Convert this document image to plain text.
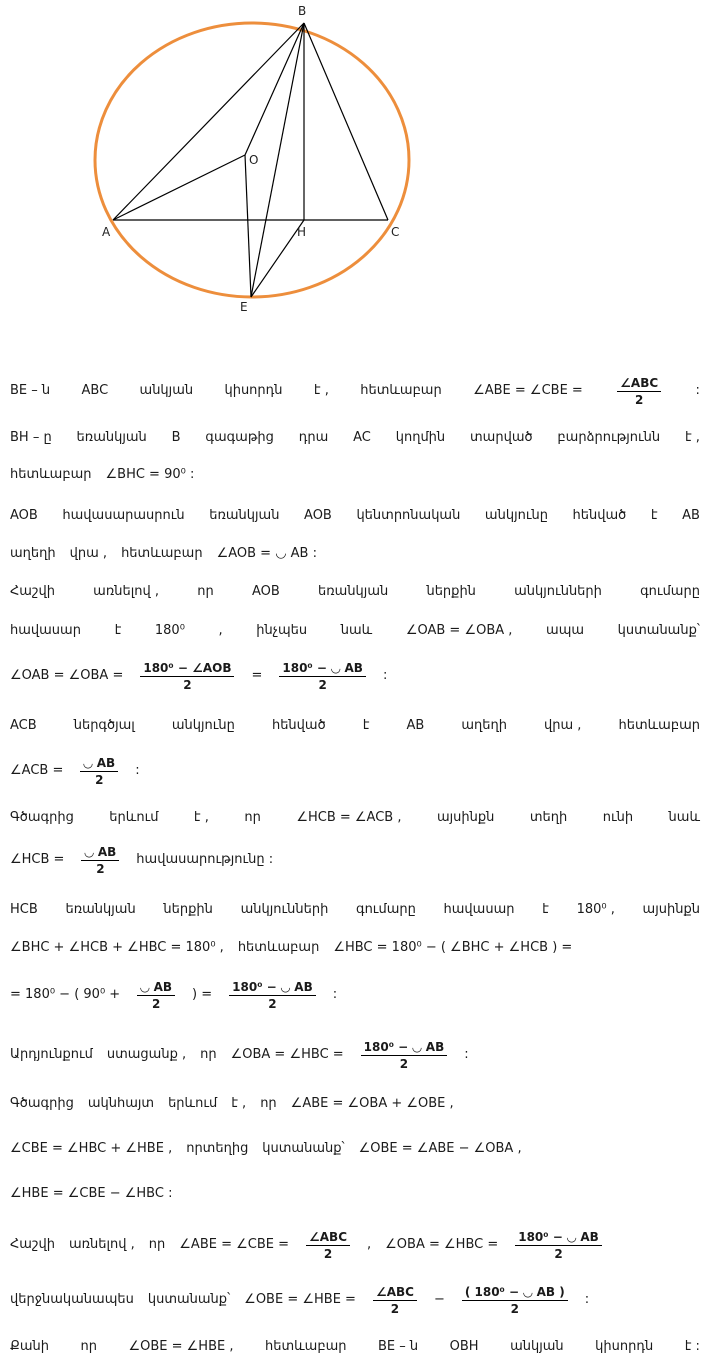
B
O
A	H	C
E
BE – ն ABC անկյան կիսորդն է , հետևաբար ∠ABE = ∠CBE =	$\frac{\text{∠ABC}}{2}$	:
BH – ը եռանկյան B գագաթից դրա AC կողմին տարված բարձրությունն է ,
հետևաբար ∠BHC = 90⁰ :
AOB հավասարասրուն եռանկյան AOB կենտրոնական անկյունը հենված է AB
աղեղի վրա , հետևաբար ∠AOB = ◡ AB :
Հաշվի	առնելով ,	որ	AOB	եռանկյան	ներքին	անկյունների	գումարը
հավասար	է	180⁰	,	ինչպես	նաև	∠OAB = ∠OBA ,	ապա	կստանանք՝
∠OAB = ∠OBA = $\frac{\text{180⁰ − ∠AOB}}{2} = \frac{\text{180⁰ − ◡ AB}}{2}$ :
ACB	ներգծյալ	անկյունը	հենված	է	AB	աղեղի	վրա ,	հետևաբար
∠ACB = $\frac{◡ AB}{2}$ :
Գծագրից	երևում	է ,	որ	∠HCB = ∠ACB ,	այսինքն	տեղի	ունի	նաև
∠HCB = $\frac{◡ AB}{2}$ հավասարությունը :
HCB եռանկյան ներքին անկյունների գումարը հավասար է 180⁰ , այսինքն
∠BHC + ∠HCB + ∠HBC = 180⁰ , հետևաբար ∠HBC = 180⁰ − ( ∠BHC + ∠HCB ) =
= 180⁰ − ( $90^0 + \frac{◡ AB}{2}$ ) = $\frac{\text{180⁰ − ◡ AB}}{2}$ :
Արդյունքում ստացանք , որ ∠OBA = ∠HBC = $\frac{\text{180⁰ − ◡ AB}}{2}$ :
Գծագրից ակնհայտ երևում է , որ ∠ABE = ∠OBA + ∠OBE ,
∠CBE = ∠HBC + ∠HBE , որտեղից կստանանք՝ ∠OBE = ∠ABE − ∠OBA ,
∠HBE = ∠CBE − ∠HBC :
Հաշվի առնելով , որ ∠ABE = ∠CBE = $\frac{\text{∠ABC}}{2}$ , ∠OBA = ∠HBC = $\frac{\text{180⁰ − ◡ AB}}{2}$
վերջնականապես կստանանք՝ ∠OBE = ∠HBE = $\frac{\text{∠ABC}}{2} - \frac{\text{( 180⁰ − ◡ AB )}}{2}$ :
Քանի որ ∠OBE = ∠HBE , հետևաբար BE – ն OBH անկյան կիսորդն է :
